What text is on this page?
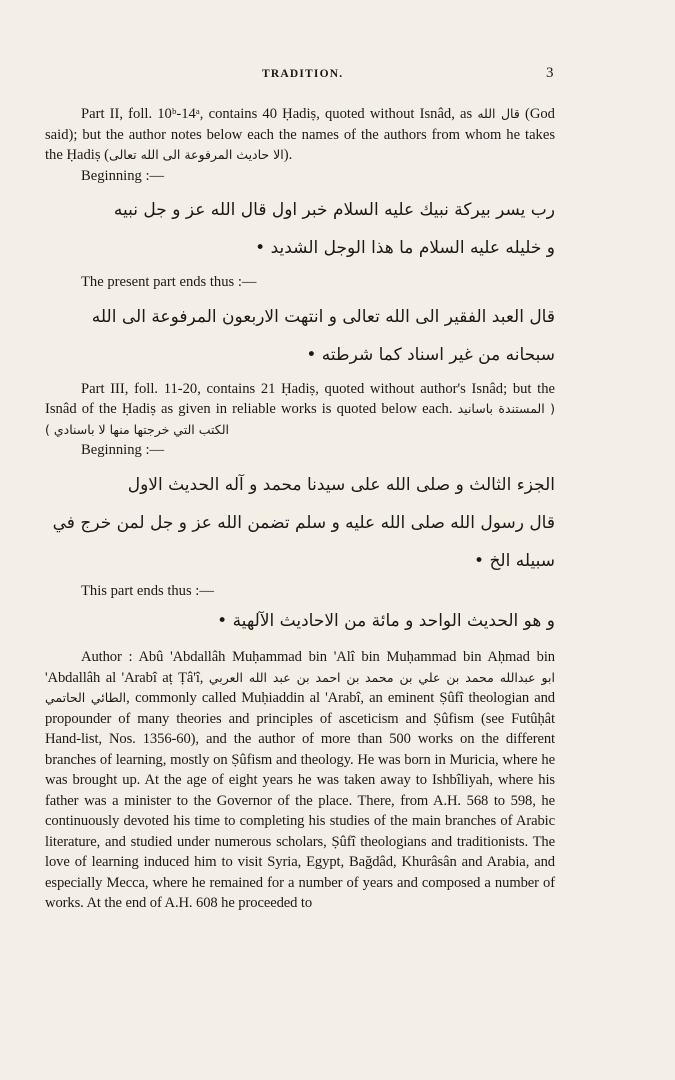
TRADITION.	3

Part II, foll. 10ᵇ-14ᵃ, contains 40 Ḥadiṣ, quoted without Isnâd, as قال الله (God said); but the author notes below each the names of the authors from whom he takes the Ḥadiṣ (الا حاديث المرفوعة الى الله تعالى).

Beginning :—

رب يسر بيركة نبيك عليه السلام خبر اول قال الله عز و جل نبيه

و خليله عليه السلام ما هذا الوجل الشديد •

The present part ends thus :—

قال العبد الفقير الى الله تعالى و انتهت الاربعون المرفوعة الى الله

سبحانه من غير اسناد كما شرطته •

Part III, foll. 11-20, contains 21 Ḥadiṣ, quoted without author's Isnâd; but the Isnâd of the Ḥadiṣ as given in reliable works is quoted below each. ( المستندة باسانيد الكتب التي خرجتها منها لا باسنادي )

Beginning :—

الجزء الثالث و صلى الله على سيدنا محمد و آله الحديث الاول

قال رسول الله صلى الله عليه و سلم تضمن الله عز و جل لمن خرج في

سبيله الخ •

This part ends thus :—

و هو الحديث الواحد و مائة من الاحاديث الآلهية •

Author : Abû 'Abdallâh Muḥammad bin 'Alî bin Muḥammad bin Aḥmad bin 'Abdallâh al 'Arabî aṭ Ṭâ'î,	ابو عبدالله محمد بن علي بن محمد بن احمد بن عبد الله العربي الطائي الحاتمي, commonly called Muḥiaddin al 'Arabî, an eminent Ṣûfî theologian and propounder of many theories and principles of asceticism and Ṣûfism (see Futûḥât Hand-list, Nos. 1356-60), and the author of more than 500 works on the different branches of learning, mostly on Ṣûfism and theology. He was born in Muricia, where he was brought up. At the age of eight years he was taken away to Ishbîliyah, where his father was a minister to the Governor of the place. There, from A.H. 568 to 598, he continuously devoted his time to completing his studies of the main branches of Arabic literature, and studied under numerous scholars, Ṣûfî theologians and traditionists. The love of learning induced him to visit Syria, Egypt, Bağdâd, Khurâsân and Arabia, and especially Mecca, where he remained for a number of years and composed a number of works. At the end of A.H. 608 he proceeded to
